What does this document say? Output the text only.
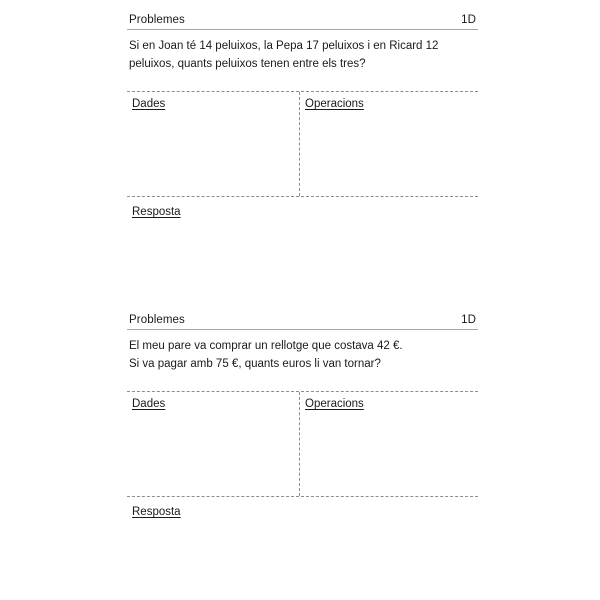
Problemes	1D
Si en Joan té 14 peluixos, la Pepa 17 peluixos i en Ricard 12
peluixos, quants peluixos tenen entre els tres?
Dades	Operacions
Resposta
Problemes	1D
El meu pare va comprar un rellotge que costava 42 €.
Si va pagar amb 75 €, quants euros li van tornar?
Dades	Operacions
Resposta
